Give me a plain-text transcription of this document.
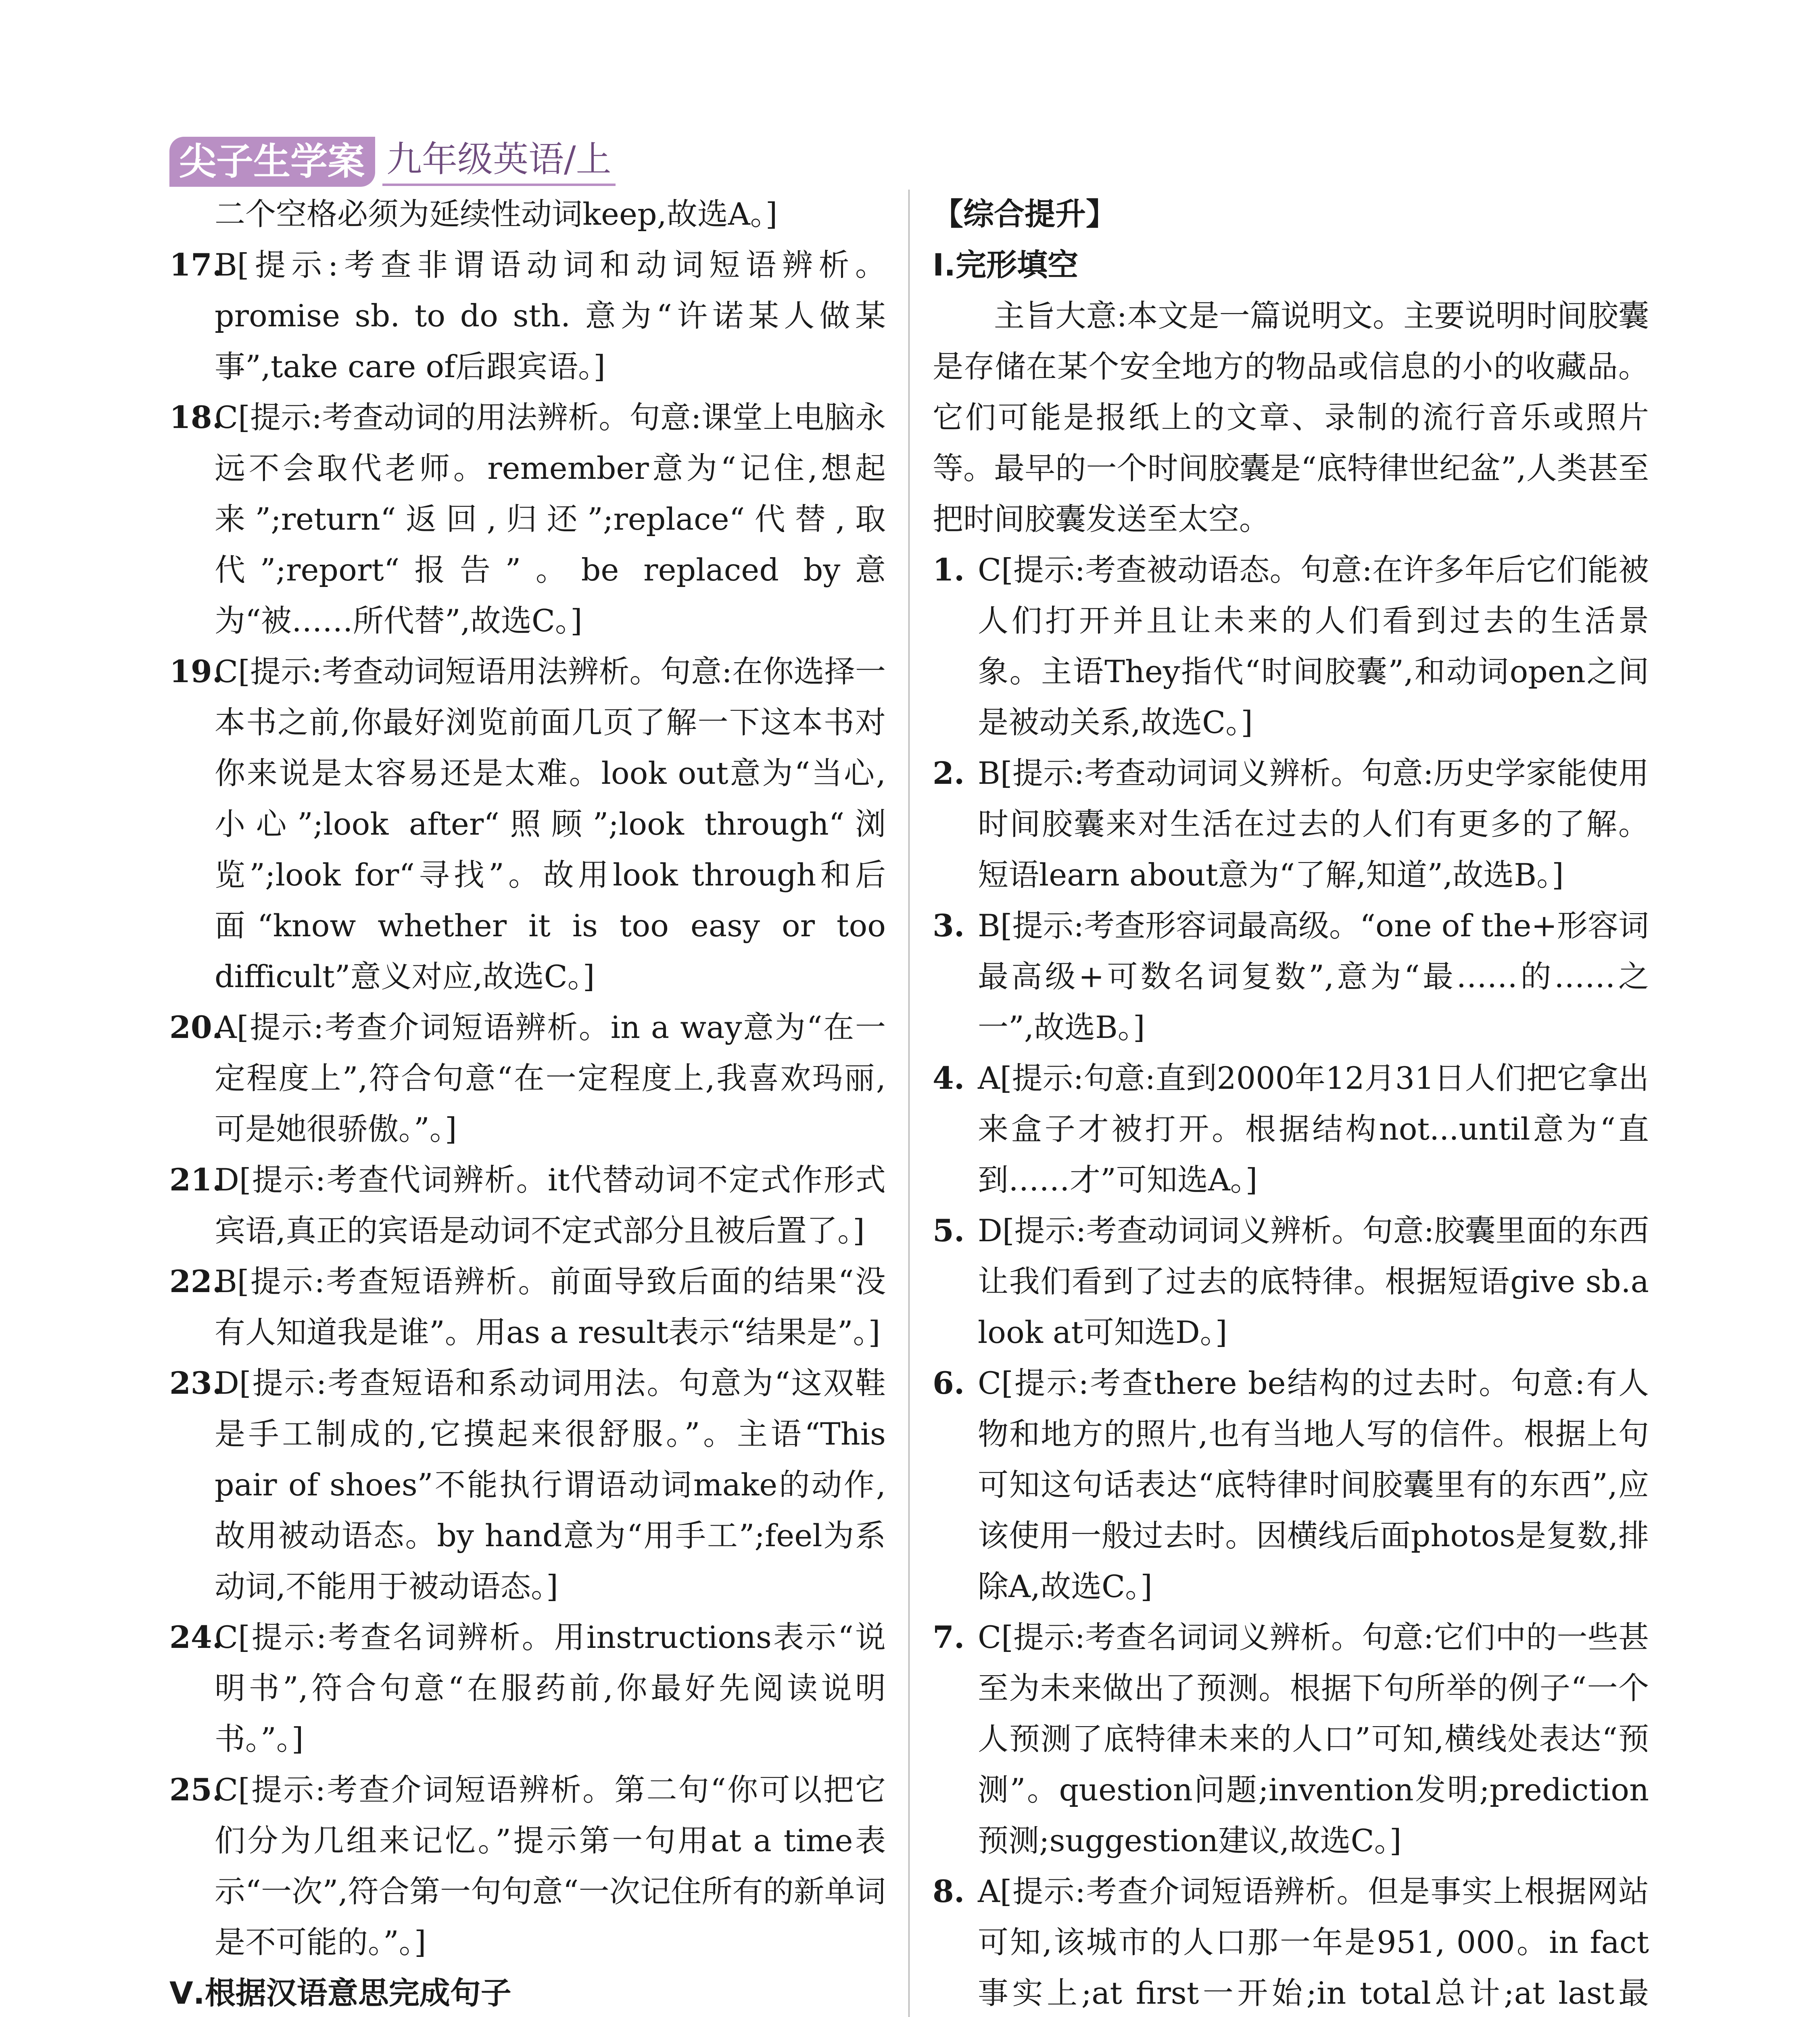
尖子生学案 九年级英语/上
二个空格必须为延续性动词keep,故选A。]
17.
B[提示:考查非谓语动词和动词短语辨析。promise sb. to do sth. 意为“许诺某人做某事”,take care of后跟宾语。]
18.
C[提示:考查动词的用法辨析。句意:课堂上电脑永远不会取代老师。remember意为“记住,想起来”;return“返回,归还”;replace“代替,取代”;report“报告”。be replaced by意为“被……所代替”,故选C。]
19.
C[提示:考查动词短语用法辨析。句意:在你选择一本书之前,你最好浏览前面几页了解一下这本书对你来说是太容易还是太难。look out意为“当心,小心”;look after“照顾”;look through“浏览”;look for“寻找”。故用look through和后面“know whether it is too easy or too difficult”意义对应,故选C。]
20.
A[提示:考查介词短语辨析。in a way意为“在一定程度上”,符合句意“在一定程度上,我喜欢玛丽,可是她很骄傲。”。]
21.
D[提示:考查代词辨析。it代替动词不定式作形式宾语,真正的宾语是动词不定式部分且被后置了。]
22.
B[提示:考查短语辨析。前面导致后面的结果“没有人知道我是谁”。用as a result表示“结果是”。]
23.
D[提示:考查短语和系动词用法。句意为“这双鞋是手工制成的,它摸起来很舒服。”。主语“This pair of shoes”不能执行谓语动词make的动作,故用被动语态。by hand意为“用手工”;feel为系动词,不能用于被动语态。]
24.
C[提示:考查名词辨析。用instructions表示“说明书”,符合句意“在服药前,你最好先阅读说明书。”。]
25.
C[提示:考查介词短语辨析。第二句“你可以把它们分为几组来记忆。”提示第一句用at a time表示“一次”,符合第一句句意“一次记住所有的新单词是不可能的。”。]
Ⅴ.根据汉语意思完成句子
【综合提升】
Ⅰ.完形填空
主旨大意:本文是一篇说明文。主要说明时间胶囊是存储在某个安全地方的物品或信息的小的收藏品。它们可能是报纸上的文章、录制的流行音乐或照片等。最早的一个时间胶囊是“底特律世纪盆”,人类甚至把时间胶囊发送至太空。
1. C[提示:考查被动语态。句意:在许多年后它们能被人们打开并且让未来的人们看到过去的生活景象。主语They指代“时间胶囊”,和动词open之间是被动关系,故选C。]
2. B[提示:考查动词词义辨析。句意:历史学家能使用时间胶囊来对生活在过去的人们有更多的了解。短语learn about意为“了解,知道”,故选B。]
3. B[提示:考查形容词最高级。“one of the+形容词最高级+可数名词复数”,意为“最……的……之一”,故选B。]
4. A[提示:句意:直到2000年12月31日人们把它拿出来盒子才被打开。根据结构not...until意为“直到……才”可知选A。]
5. D[提示:考查动词词义辨析。句意:胶囊里面的东西让我们看到了过去的底特律。根据短语give sb.a look at可知选D。]
6. C[提示:考查there be结构的过去时。句意:有人物和地方的照片,也有当地人写的信件。根据上句可知这句话表达“底特律时间胶囊里有的东西”,应该使用一般过去时。因横线后面photos是复数,排除A,故选C。]
7. C[提示:考查名词词义辨析。句意:它们中的一些甚至为未来做出了预测。根据下句所举的例子“一个人预测了底特律未来的人口”可知,横线处表达“预测”。question问题;invention发明;prediction预测;suggestion建议,故选C。]
8. A[提示:考查介词短语辨析。但是事实上根据网站可知,该城市的人口那一年是951, 000。in fact事实上;at first一开始;in total总计;at last最
